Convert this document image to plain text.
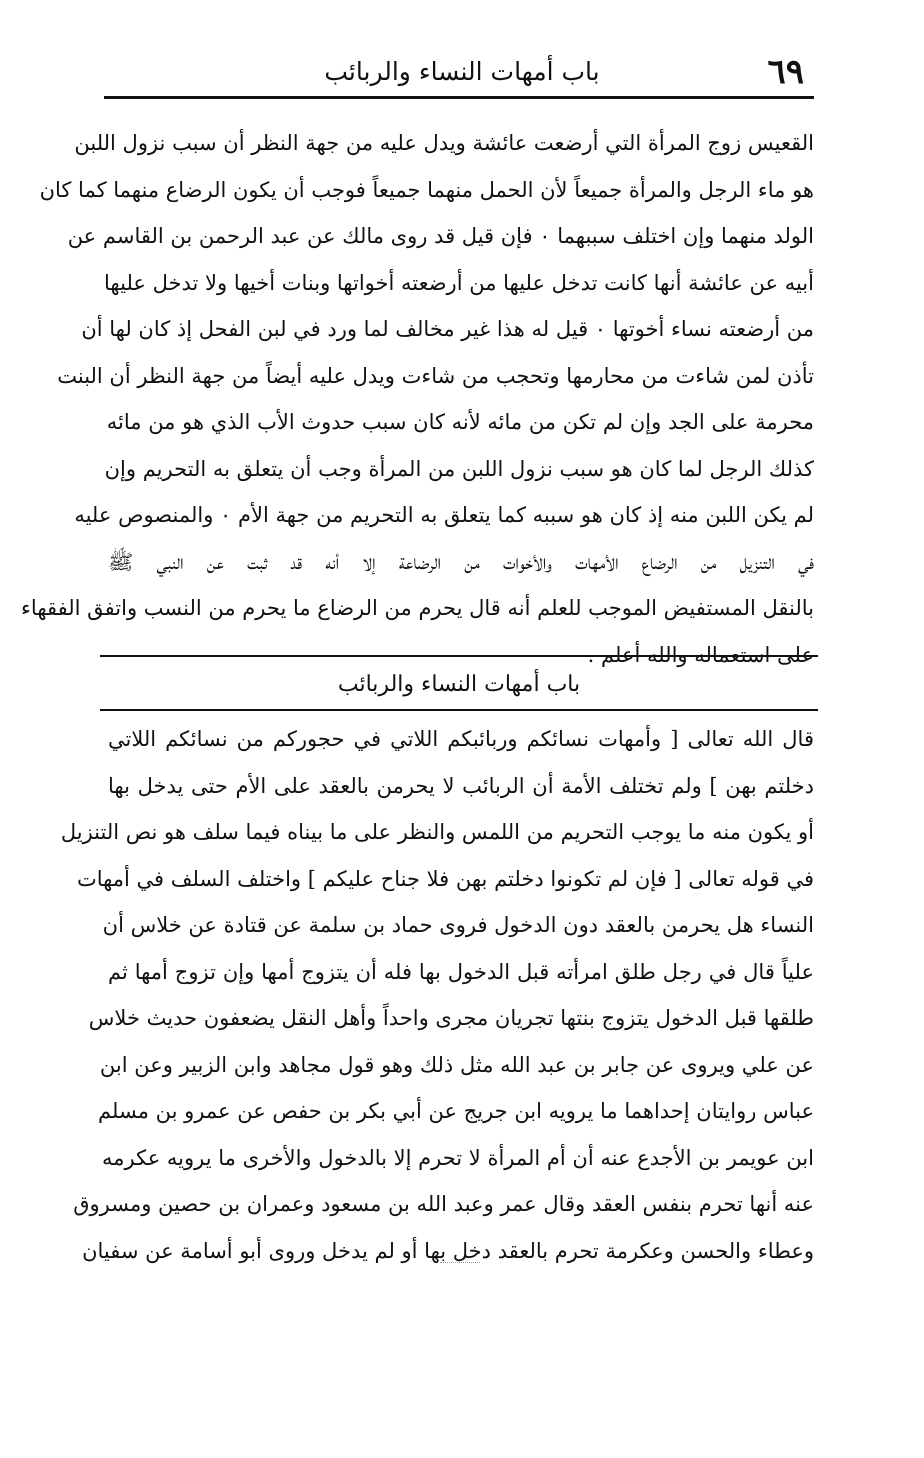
٦٩
باب أمهات النساء والربائب
القعيس زوج المرأة التي أرضعت عائشة ويدل عليه من جهة النظر أن سبب نزول اللبن
هو ماء الرجل والمرأة جميعاً لأن الحمل منهما جميعاً فوجب أن يكون الرضاع منهما كما كان
الولد منهما وإن اختلف سببهما ۰ فإن قيل قد روى مالك عن عبد الرحمن بن القاسم عن
أبيه عن عائشة أنها كانت تدخل عليها من أرضعته أخواتها وبنات أخيها ولا تدخل عليها
من أرضعته نساء أخوتها ۰ قيل له هذا غير مخالف لما ورد في لبن الفحل إذ كان لها أن
تأذن لمن شاءت من محارمها وتحجب من شاءت ويدل عليه أيضاً من جهة النظر أن البنت
محرمة على الجد وإن لم تكن من مائه لأنه كان سبب حدوث الأب الذي هو من مائه
كذلك الرجل لما كان هو سبب نزول اللبن من المرأة وجب أن يتعلق به التحريم وإن
لم يكن اللبن منه إذ كان هو سببه كما يتعلق به التحريم من جهة الأم ۰ والمنصوص عليه
في التنزيل من الرضاع الأمهات والأخوات من الرضاعة إلا أنه قد ثبت عن النبي ﷺ
بالنقل المستفيض الموجب للعلم أنه قال يحرم من الرضاع ما يحرم من النسب واتفق الفقهاء
على استعماله والله أعلم .
باب أمهات النساء والربائب
قال الله تعالى [ وأمهات نسائكم وربائبكم اللاتي في حجوركم من نسائكم اللاتي
دخلتم بهن ] ولم تختلف الأمة أن الربائب لا يحرمن بالعقد على الأم حتى يدخل بها
أو يكون منه ما يوجب التحريم من اللمس والنظر على ما بيناه فيما سلف هو نص التنزيل
في قوله تعالى [ فإن لم تكونوا دخلتم بهن فلا جناح عليكم ] واختلف السلف في أمهات
النساء هل يحرمن بالعقد دون الدخول فروى حماد بن سلمة عن قتادة عن خلاس أن
علياً قال في رجل طلق امرأته قبل الدخول بها فله أن يتزوج أمها وإن تزوج أمها ثم
طلقها قبل الدخول يتزوج بنتها تجريان مجرى واحداً وأهل النقل يضعفون حديث خلاس
عن علي ويروى عن جابر بن عبد الله مثل ذلك وهو قول مجاهد وابن الزبير وعن ابن
عباس روايتان إحداهما ما يرويه ابن جريج عن أبي بكر بن حفص عن عمرو بن مسلم
ابن عويمر بن الأجدع عنه أن أم المرأة لا تحرم إلا بالدخول والأخرى ما يرويه عكرمه
عنه أنها تحرم بنفس العقد وقال عمر وعبد الله بن مسعود وعمران بن حصين ومسروق
وعطاء والحسن وعكرمة تحرم بالعقد دخل بها أو لم يدخل وروى أبو أسامة عن سفيان
